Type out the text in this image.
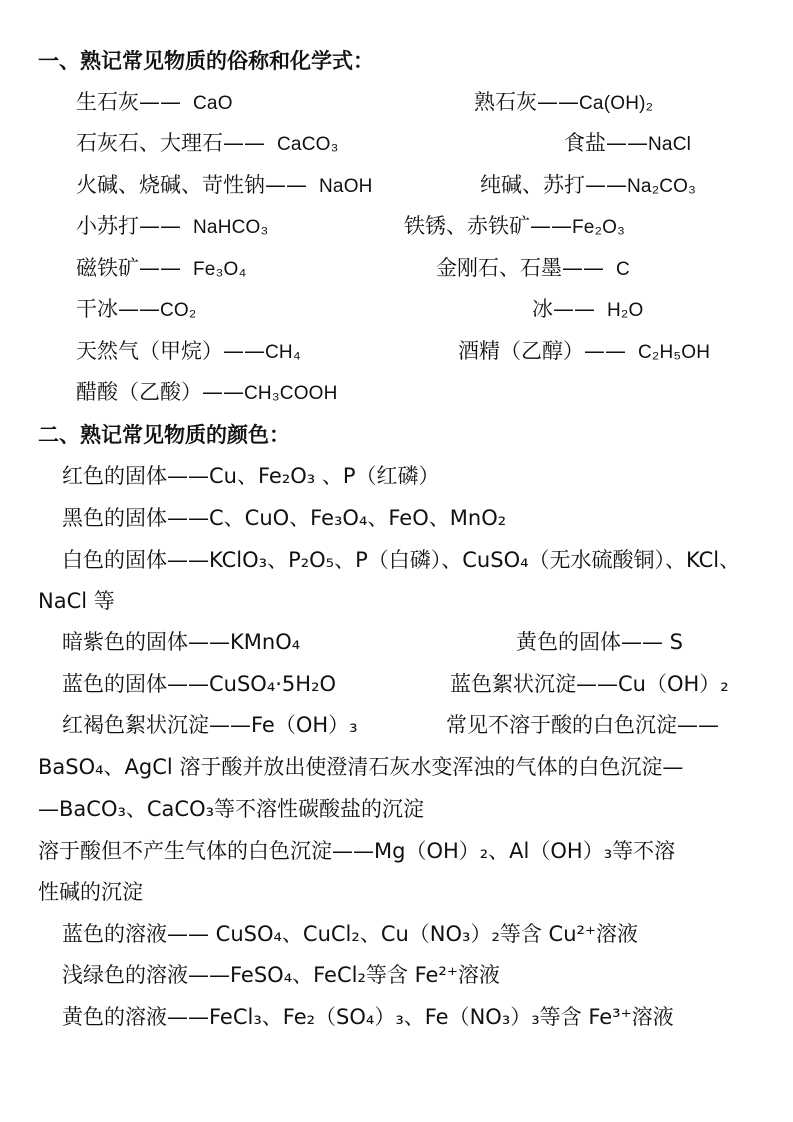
一、熟记常见物质的俗称和化学式：
生石灰—— CaO	熟石灰——Ca(OH)₂
石灰石、大理石—— CaCO₃	食盐——NaCl
火碱、烧碱、苛性钠—— NaOH	纯碱、苏打——Na₂CO₃
小苏打—— NaHCO₃	铁锈、赤铁矿——Fe₂O₃
磁铁矿—— Fe₃O₄	金刚石、石墨—— C
干冰——CO₂	冰—— H₂O
天然气（甲烷）——CH₄	酒精（乙醇）—— C₂H₅OH
醋酸（乙酸）——CH₃COOH
二、熟记常见物质的颜色：
红色的固体——Cu、Fe₂O₃ 、P（红磷）
黑色的固体——C、CuO、Fe₃O₄、FeO、MnO₂
白色的固体——KClO₃、P₂O₅、P（白磷）、CuSO₄（无水硫酸铜）、KCl、
NaCl 等
暗紫色的固体——KMnO₄	黄色的固体—— S
蓝色的固体——CuSO₄·5H₂O	蓝色絮状沉淀——Cu（OH）₂
红褐色絮状沉淀——Fe（OH）₃	常见不溶于酸的白色沉淀——
BaSO₄、AgCl 溶于酸并放出使澄清石灰水变浑浊的气体的白色沉淀—
—BaCO₃、CaCO₃等不溶性碳酸盐的沉淀
溶于酸但不产生气体的白色沉淀——Mg（OH）₂、Al（OH）₃等不溶
性碱的沉淀
蓝色的溶液—— CuSO₄、CuCl₂、Cu（NO₃）₂等含 Cu²⁺溶液
浅绿色的溶液——FeSO₄、FeCl₂等含 Fe²⁺溶液
黄色的溶液——FeCl₃、Fe₂（SO₄）₃、Fe（NO₃）₃等含 Fe³⁺溶液
